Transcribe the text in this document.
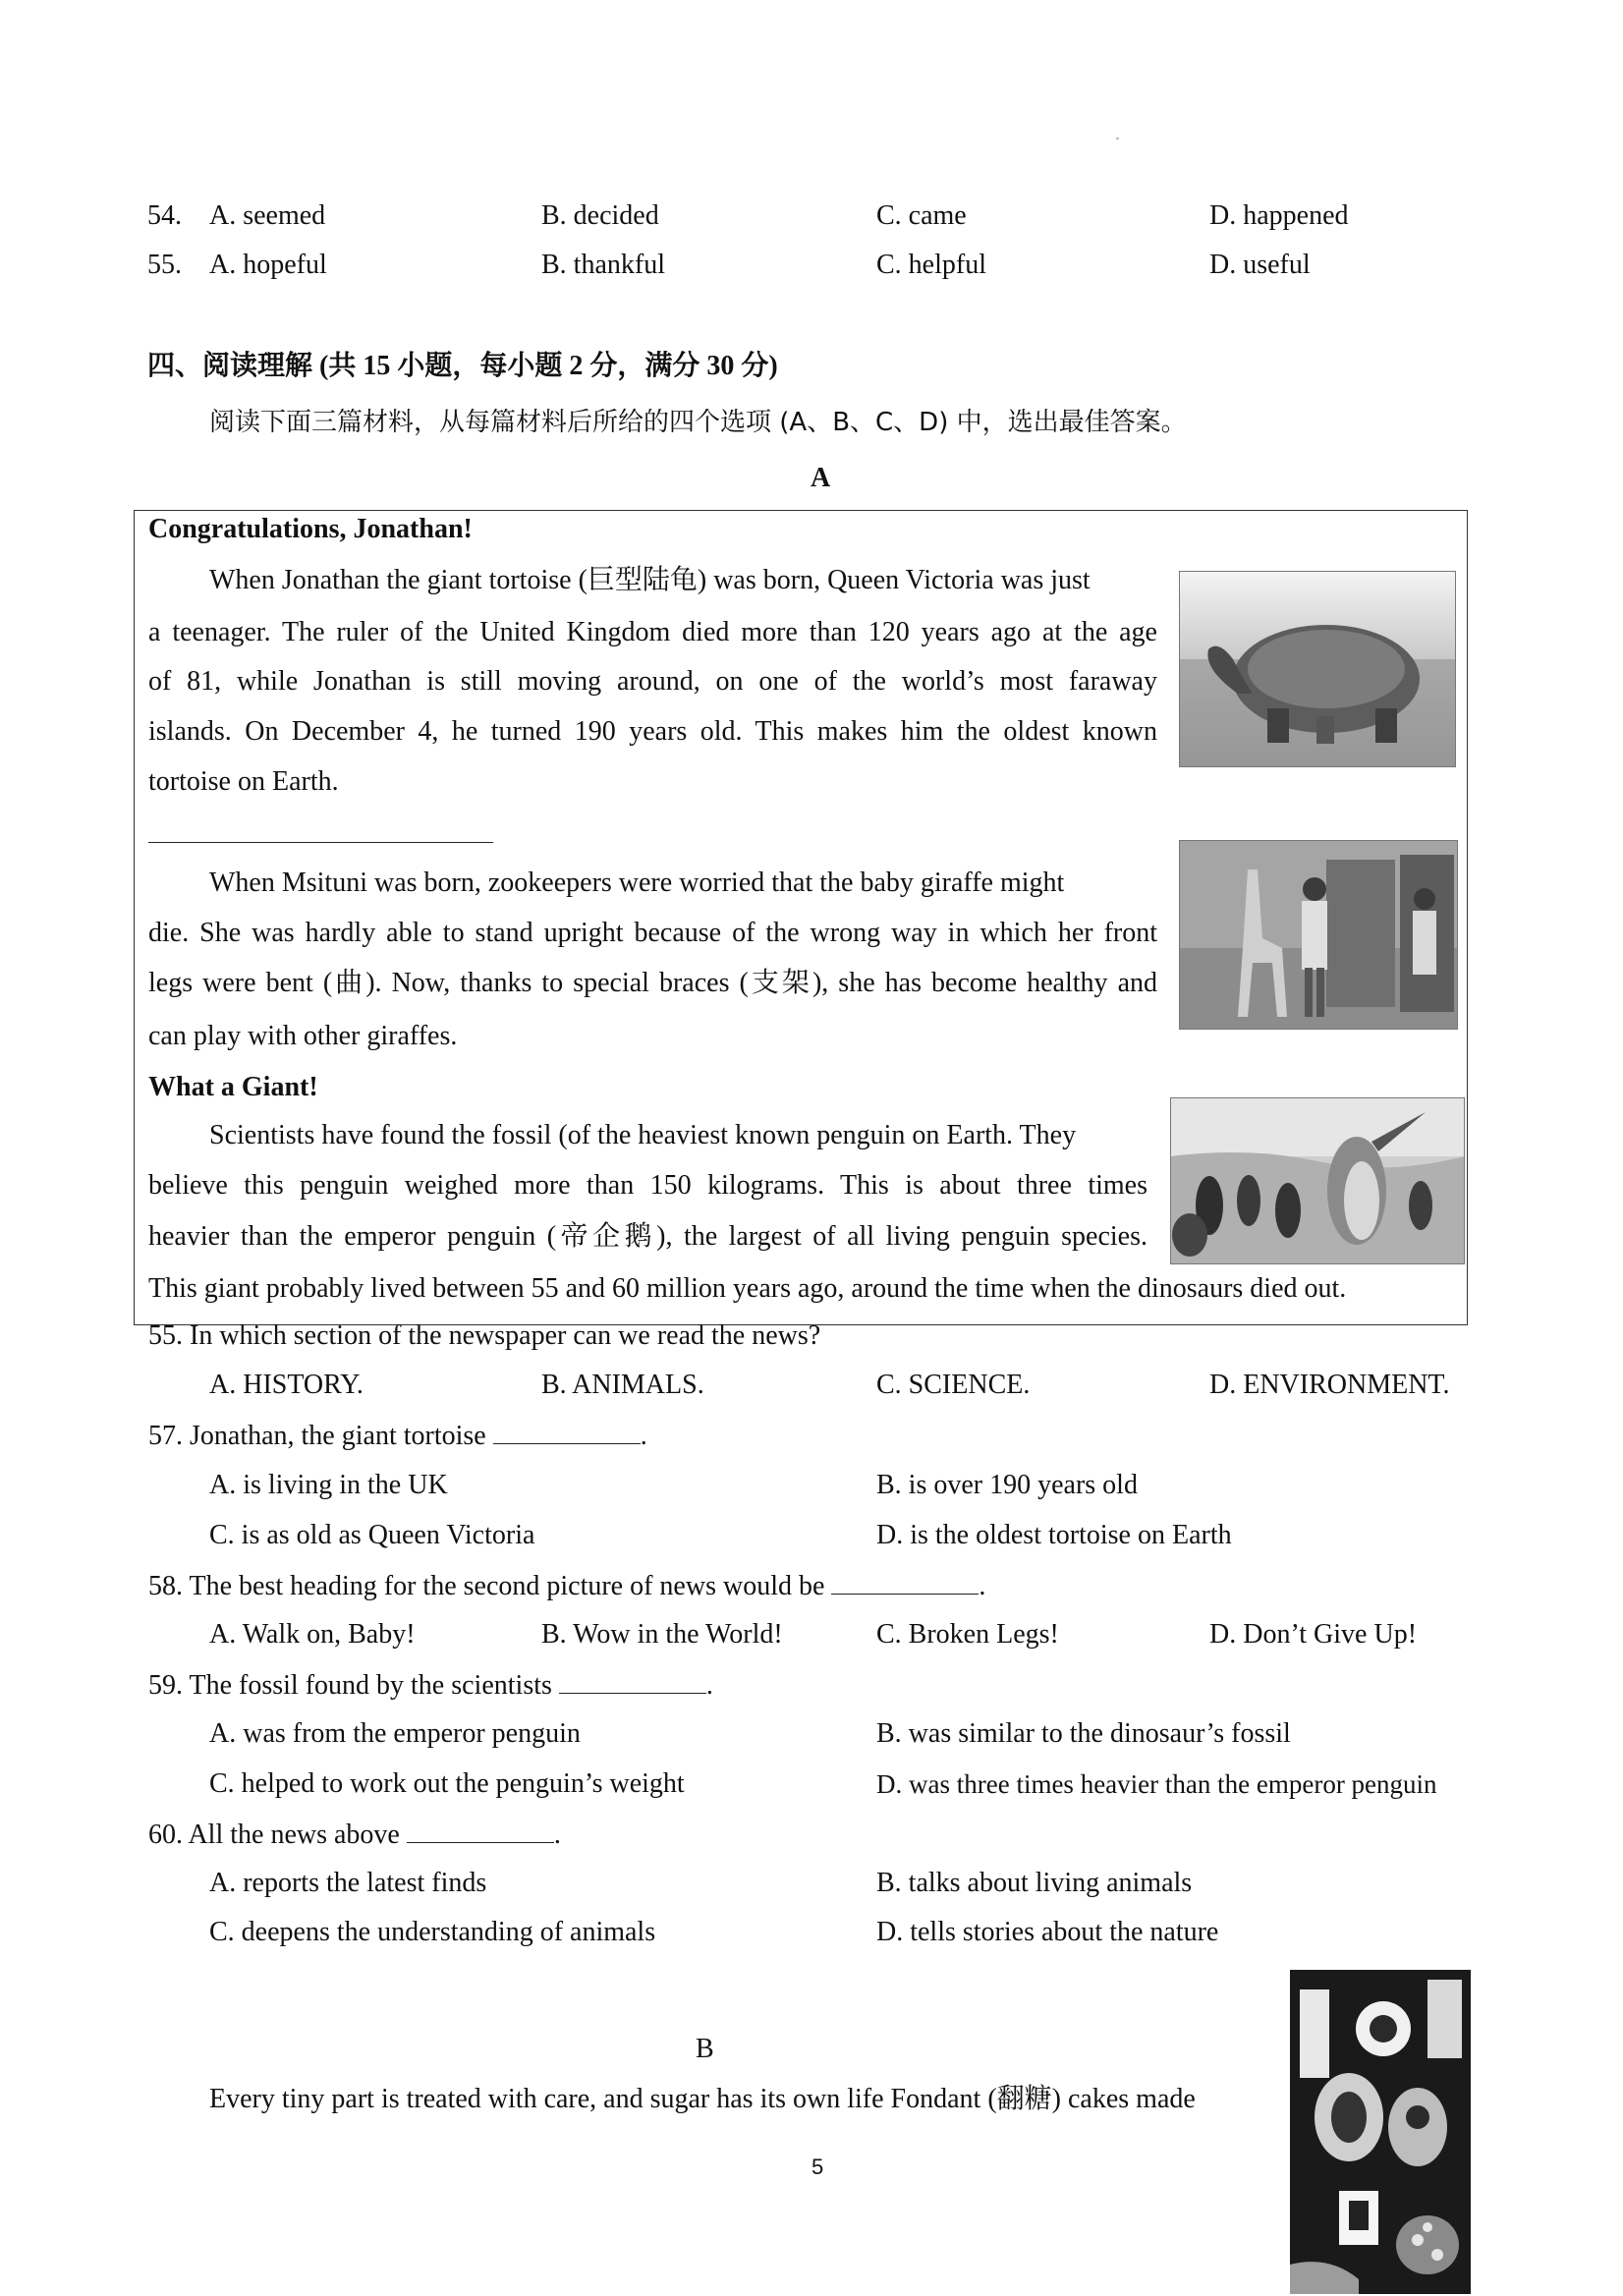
54. A. seemed	B. decided	C. came	D. happened
55. A. hopeful	B. thankful	C. helpful	D. useful
四、阅读理解 (共 15 小题，每小题 2 分，满分 30 分)
阅读下面三篇材料，从每篇材料后所给的四个选项 (A、B、C、D) 中，选出最佳答案。
A
Congratulations, Jonathan!
When Jonathan the giant tortoise (巨型陆龟) was born, Queen Victoria was just
a teenager. The ruler of the United Kingdom died more than 120 years ago at the age
of 81, while Jonathan is still moving around, on one of the world’s most faraway
islands. On December 4, he turned 190 years old. This makes him the oldest known
tortoise on Earth.
When Msituni was born, zookeepers were worried that the baby giraffe might
die. She was hardly able to stand upright because of the wrong way in which her front
legs were bent (曲). Now, thanks to special braces (支架), she has become healthy and
can play with other giraffes.
What a Giant!
Scientists have found the fossil (of the heaviest known penguin on Earth. They
believe this penguin weighed more than 150 kilograms. This is about three times
heavier than the emperor penguin (帝企鹅), the largest of all living penguin species.
This giant probably lived between 55 and 60 million years ago, around the time when the dinosaurs died out.
55. In which section of the newspaper can we read the news?
A. HISTORY.	B. ANIMALS.	C. SCIENCE.	D. ENVIRONMENT.
57. Jonathan, the giant tortoise	.
A. is living in the UK	B. is over 190 years old
C. is as old as Queen Victoria	D. is the oldest tortoise on Earth
58. The best heading for the second picture of news would be	.
A. Walk on, Baby!	B. Wow in the World!	C. Broken Legs!	D. Don’t Give Up!
59. The fossil found by the scientists	.
A. was from the emperor penguin	B. was similar to the dinosaur’s fossil
C. helped to work out the penguin’s weight	D. was three times heavier than the emperor penguin
60. All the news above	.
A. reports the latest finds	B. talks about living animals
C. deepens the understanding of animals	D. tells stories about the nature
B
Every tiny part is treated with care, and sugar has its own life Fondant (翻糖) cakes made
5
